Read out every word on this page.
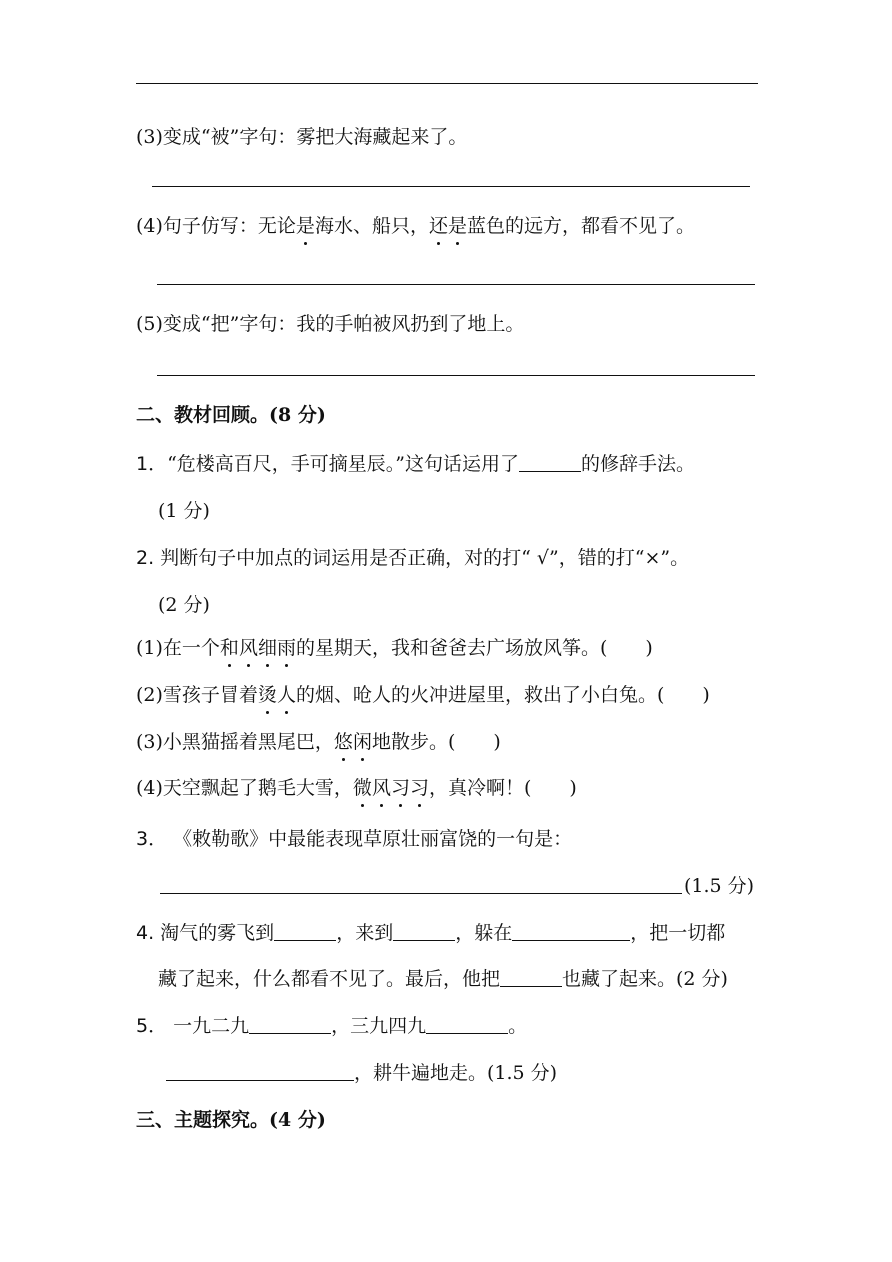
(3)变成“被”字句：雾把大海藏起来了。
(4)句子仿写：无论是海水、船只，还是蓝色的远方，都看不见了。
(5)变成“把”字句：我的手帕被风扔到了地上。
二、教材回顾。(8 分)
1．“危楼高百尺，手可摘星辰。”这句话运用了	的修辞手法。
(1 分)
2. 判断句子中加点的词运用是否正确，对的打“ √”，错的打“×”。
(2 分)
(1)在一个和风细雨的星期天，我和爸爸去广场放风筝。(　　)
(2)雪孩子冒着烫人的烟、呛人的火冲进屋里，救出了小白兔。(　　)
(3)小黑猫摇着黑尾巴，悠闲地散步。(　　)
(4)天空飘起了鹅毛大雪，微风习习，真冷啊！(　　)
3． 《敕勒歌》中最能表现草原壮丽富饶的一句是：
(1.5 分)
4. 淘气的雾飞到	，来到	，躲在	，把一切都
藏了起来，什么都看不见了。最后，他把	也藏了起来。(2 分)
5． 一九二九	，三九四九	。
，耕牛遍地走。(1.5 分)
三、主题探究。(4 分)
